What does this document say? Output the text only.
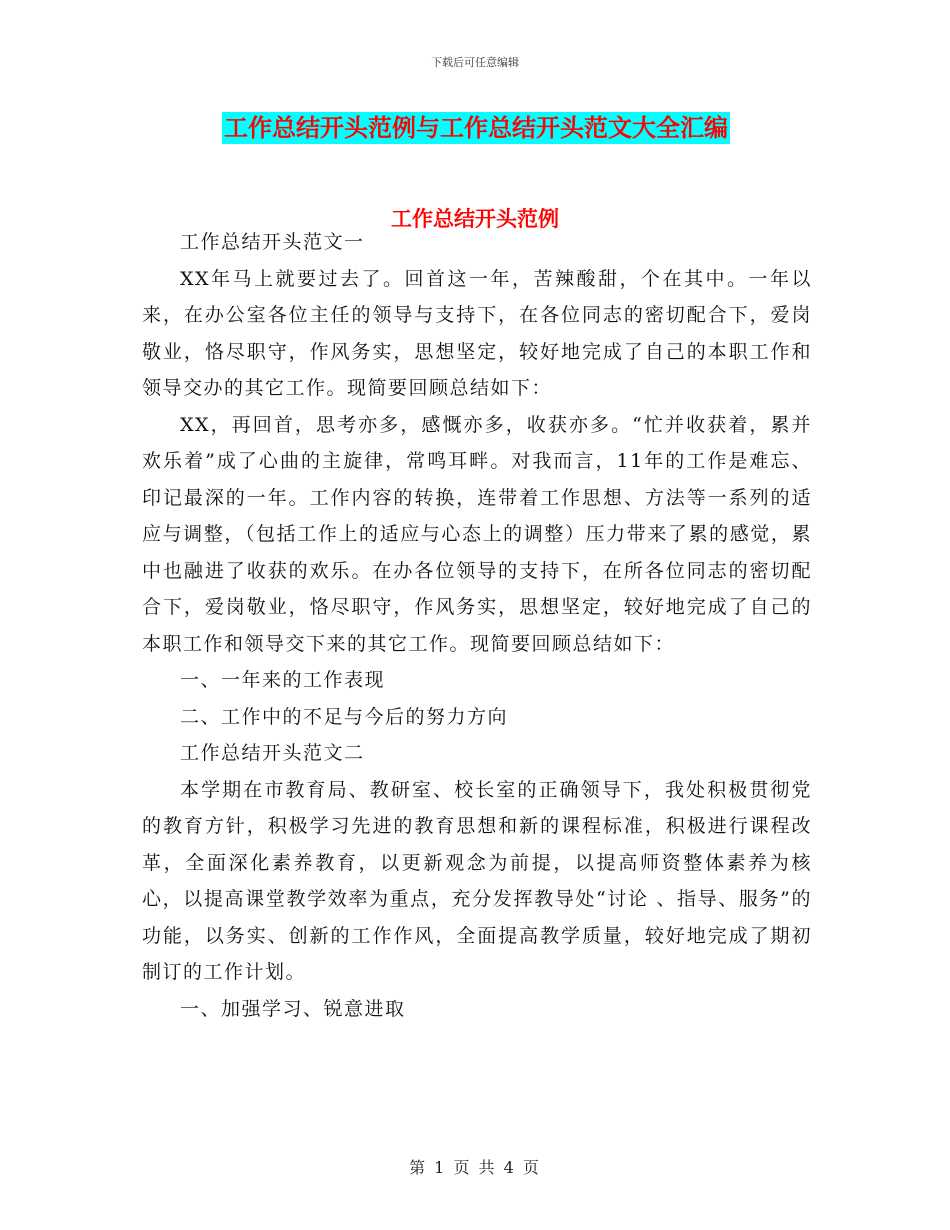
下载后可任意编辑
工作总结开头范例与工作总结开头范文大全汇编
工作总结开头范例

工作总结开头范文一

XX年马上就要过去了。回首这一年，苦辣酸甜，个在其中。一年以来，在办公室各位主任的领导与支持下，在各位同志的密切配合下，爱岗敬业，恪尽职守，作风务实，思想坚定，较好地完成了自己的本职工作和领导交办的其它工作。现简要回顾总结如下：

XX，再回首，思考亦多，感慨亦多，收获亦多。“忙并收获着，累并欢乐着”成了心曲的主旋律，常鸣耳畔。对我而言，11年的工作是难忘、印记最深的一年。工作内容的转换，连带着工作思想、方法等一系列的适应与调整，（包括工作上的适应与心态上的调整）压力带来了累的感觉，累中也融进了收获的欢乐。在办各位领导的支持下，在所各位同志的密切配合下，爱岗敬业，恪尽职守，作风务实，思想坚定，较好地完成了自己的本职工作和领导交下来的其它工作。现简要回顾总结如下：

一、一年来的工作表现

二、工作中的不足与今后的努力方向

工作总结开头范文二

本学期在市教育局、教研室、校长室的正确领导下，我处积极贯彻党的教育方针，积极学习先进的教育思想和新的课程标准，积极进行课程改革，全面深化素养教育，以更新观念为前提，以提高师资整体素养为核心，以提高课堂教学效率为重点，充分发挥教导处“讨论 、指导、服务”的功能，以务实、创新的工作作风，全面提高教学质量，较好地完成了期初制订的工作计划。

一、加强学习、锐意进取

第 1 页 共 4 页
